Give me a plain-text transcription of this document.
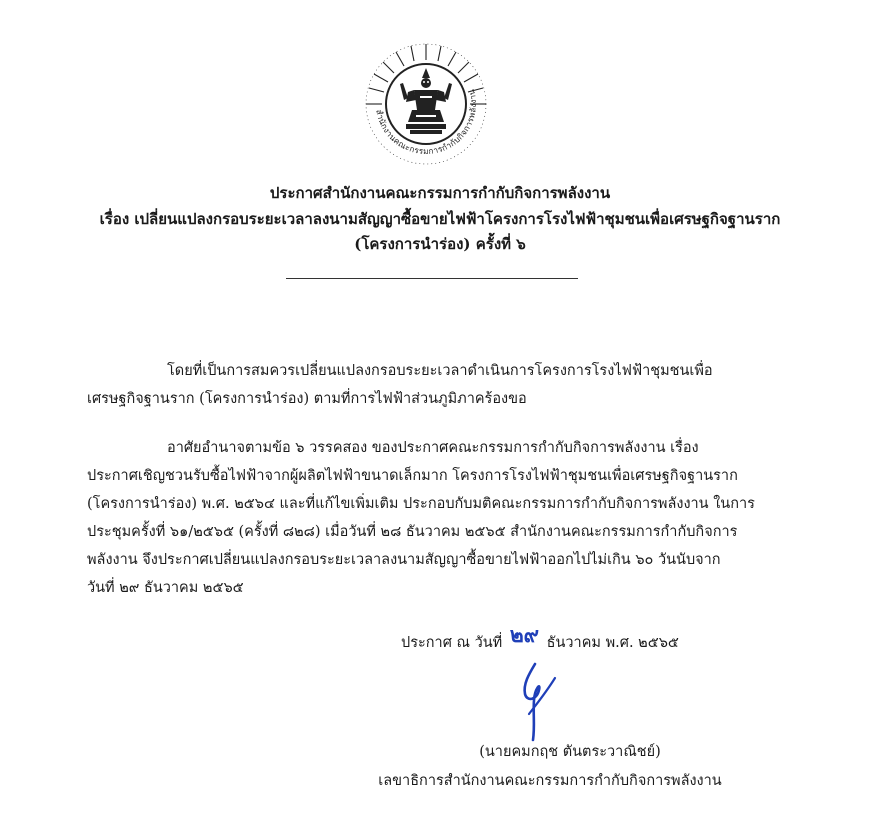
สำนักงานคณะกรรมการกำกับกิจการพลังงาน
ประกาศสำนักงานคณะกรรมการกำกับกิจการพลังงาน
เรื่อง เปลี่ยนแปลงกรอบระยะเวลาลงนามสัญญาซื้อขายไฟฟ้าโครงการโรงไฟฟ้าชุมชนเพื่อเศรษฐกิจฐานราก
(โครงการนำร่อง) ครั้งที่ ๖
โดยที่เป็นการสมควรเปลี่ยนแปลงกรอบระยะเวลาดำเนินการโครงการโรงไฟฟ้าชุมชนเพื่อ
เศรษฐกิจฐานราก (โครงการนำร่อง) ตามที่การไฟฟ้าส่วนภูมิภาคร้องขอ
อาศัยอำนาจตามข้อ ๖ วรรคสอง ของประกาศคณะกรรมการกำกับกิจการพลังงาน เรื่อง
ประกาศเชิญชวนรับซื้อไฟฟ้าจากผู้ผลิตไฟฟ้าขนาดเล็กมาก โครงการโรงไฟฟ้าชุมชนเพื่อเศรษฐกิจฐานราก
(โครงการนำร่อง) พ.ศ. ๒๕๖๔ และที่แก้ไขเพิ่มเติม ประกอบกับมติคณะกรรมการกำกับกิจการพลังงาน ในการ
ประชุมครั้งที่ ๖๑/๒๕๖๕ (ครั้งที่ ๘๒๘) เมื่อวันที่ ๒๘ ธันวาคม ๒๕๖๕ สำนักงานคณะกรรมการกำกับกิจการ
พลังงาน จึงประกาศเปลี่ยนแปลงกรอบระยะเวลาลงนามสัญญาซื้อขายไฟฟ้าออกไปไม่เกิน ๖๐ วันนับจาก
วันที่ ๒๙ ธันวาคม ๒๕๖๕
ประกาศ ณ วันที่ ๒๙ ธันวาคม พ.ศ. ๒๕๖๕
(นายคมกฤช ตันตระวาณิชย์)
เลขาธิการสำนักงานคณะกรรมการกำกับกิจการพลังงาน
